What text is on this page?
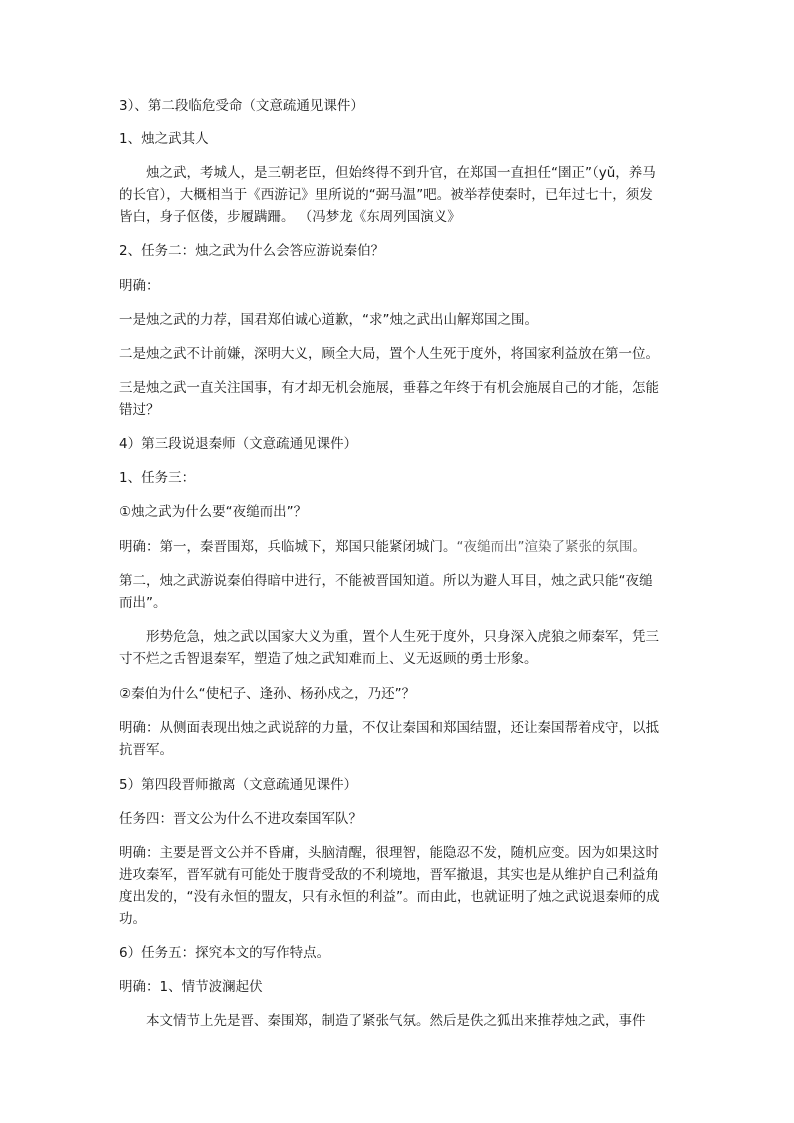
3）、第二段临危受命（文意疏通见课件）
1、烛之武其人
　　烛之武，考城人，是三朝老臣，但始终得不到升官，在郑国一直担任“圉正”（yǔ，养马
的长官），大概相当于《西游记》里所说的“弼马温”吧。被举荐使秦时，已年过七十，须发
皆白，身子伛偻，步履蹒跚。 （冯梦龙《东周列国演义》
2、任务二：烛之武为什么会答应游说秦伯？
明确：
一是烛之武的力荐，国君郑伯诚心道歉，“求”烛之武出山解郑国之围。
二是烛之武不计前嫌，深明大义，顾全大局，置个人生死于度外，将国家利益放在第一位。
三是烛之武一直关注国事，有才却无机会施展，垂暮之年终于有机会施展自己的才能，怎能
错过？
4）第三段说退秦师（文意疏通见课件）
1、任务三：
①烛之武为什么要“夜缒而出”？
明确：第一，秦晋围郑，兵临城下，郑国只能紧闭城门。“夜缒而出”渲染了紧张的氛围。
第二，烛之武游说秦伯得暗中进行，不能被晋国知道。所以为避人耳目，烛之武只能“夜缒
而出”。
　　形势危急，烛之武以国家大义为重，置个人生死于度外，只身深入虎狼之师秦军，凭三
寸不烂之舌智退秦军，塑造了烛之武知难而上、义无返顾的勇士形象。
②秦伯为什么“使杞子、逢孙、杨孙戍之，乃还”？
明确：从侧面表现出烛之武说辞的力量，不仅让秦国和郑国结盟，还让秦国帮着戍守，以抵
抗晋军。
5）第四段晋师撤离（文意疏通见课件）
任务四：晋文公为什么不进攻秦国军队？
明确：主要是晋文公并不昏庸，头脑清醒，很理智，能隐忍不发，随机应变。因为如果这时
进攻秦军，晋军就有可能处于腹背受敌的不利境地，晋军撤退，其实也是从维护自己利益角
度出发的，“没有永恒的盟友，只有永恒的利益”。而由此，也就证明了烛之武说退秦师的成
功。
6）任务五：探究本文的写作特点。
明确：1、情节波澜起伏
　　本文情节上先是晋、秦围郑，制造了紧张气氛。然后是佚之狐出来推荐烛之武，事件
